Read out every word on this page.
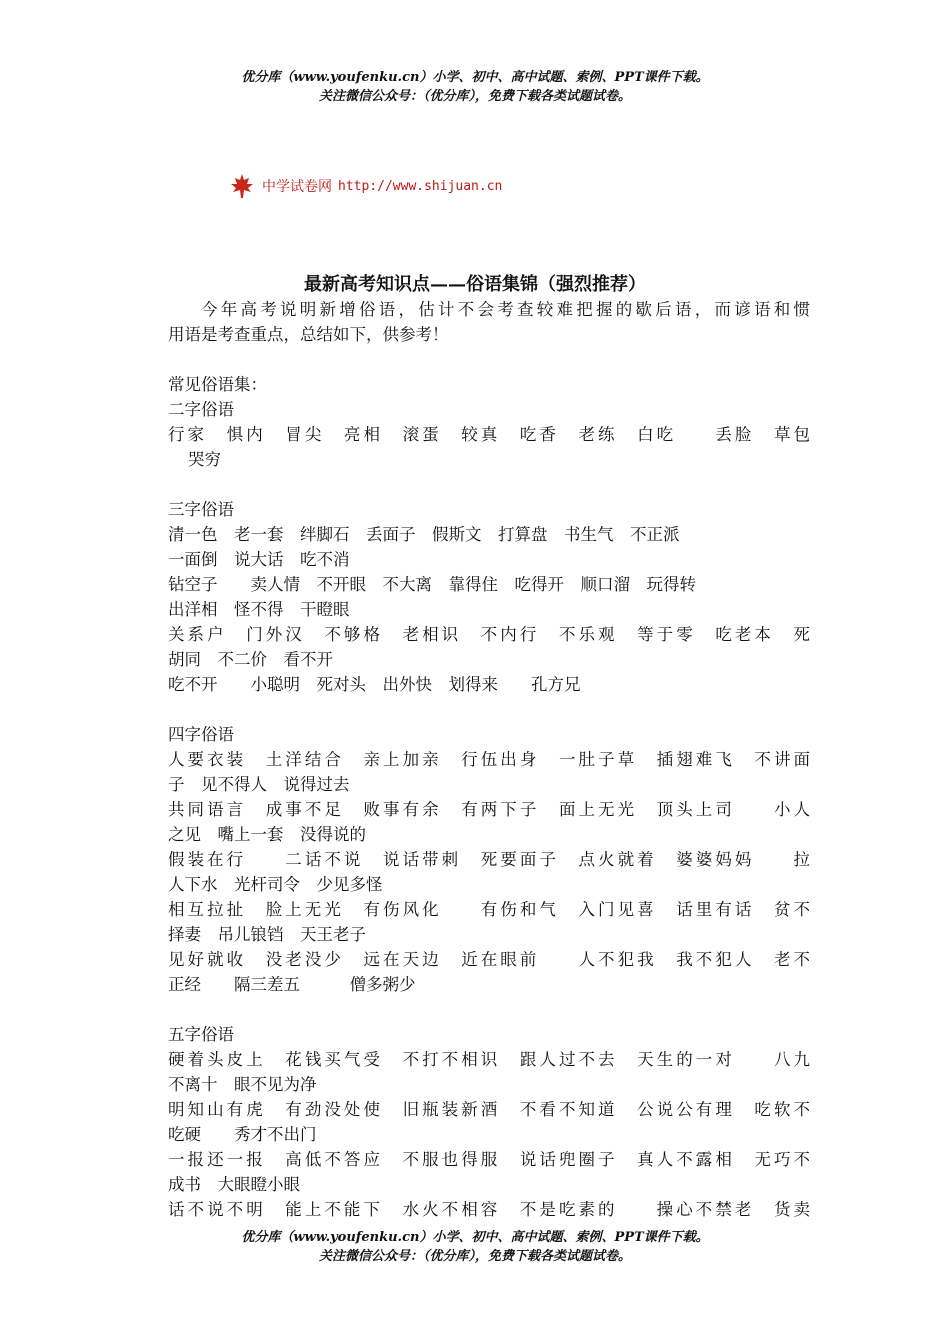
优分库（www.youfenku.cn）小学、初中、高中试题、索例、PPT课件下载。
关注微信公众号：（优分库），免费下载各类试题试卷。
中学试卷网 http://www.shijuan.cn
最新高考知识点——俗语集锦（强烈推荐）

今年高考说明新增俗语，估计不会考查较难把握的歇后语，而谚语和惯

用语是考查重点，总结如下，供参考！

常见俗语集：

二字俗语

行家　惧内　冒尖　亮相　滚蛋　较真　吃香　老练　白吃　　丢脸　草包

哭穷

三字俗语

清一色　老一套　绊脚石　丢面子　假斯文　打算盘　书生气　不正派

一面倒　说大话　吃不消

钻空子　　卖人情　不开眼　不大离　靠得住　吃得开　顺口溜　玩得转

出洋相　怪不得　干瞪眼

关系户　门外汉　不够格　老相识　不内行　不乐观　等于零　吃老本　死

胡同　不二价　看不开

吃不开　　小聪明　死对头　出外快　划得来　　孔方兄

四字俗语

人要衣装　土洋结合　亲上加亲　行伍出身　一肚子草　插翅难飞　不讲面

子　见不得人　说得过去

共同语言　成事不足　败事有余　有两下子　面上无光　顶头上司　　小人

之见　嘴上一套　没得说的

假装在行　　二话不说　说话带刺　死要面子　点火就着　婆婆妈妈　　拉

人下水　光杆司令　少见多怪

相互拉扯　脸上无光　有伤风化　　有伤和气　入门见喜　话里有话　贫不

择妻　吊儿锒铛　天王老子

见好就收　没老没少　远在天边　近在眼前　　人不犯我　我不犯人　老不

正经　　隔三差五　　　僧多粥少

五字俗语

硬着头皮上　花钱买气受　不打不相识　跟人过不去　天生的一对　　八九

不离十　眼不见为净

明知山有虎　有劲没处使　旧瓶装新酒　不看不知道　公说公有理　吃软不

吃硬　　秀才不出门

一报还一报　高低不答应　不服也得服　说话兜圈子　真人不露相　无巧不

成书　大眼瞪小眼

话不说不明　能上不能下　水火不相容　不是吃素的　　操心不禁老　货卖

优分库（www.youfenku.cn）小学、初中、高中试题、索例、PPT课件下载。
关注微信公众号：（优分库），免费下载各类试题试卷。
